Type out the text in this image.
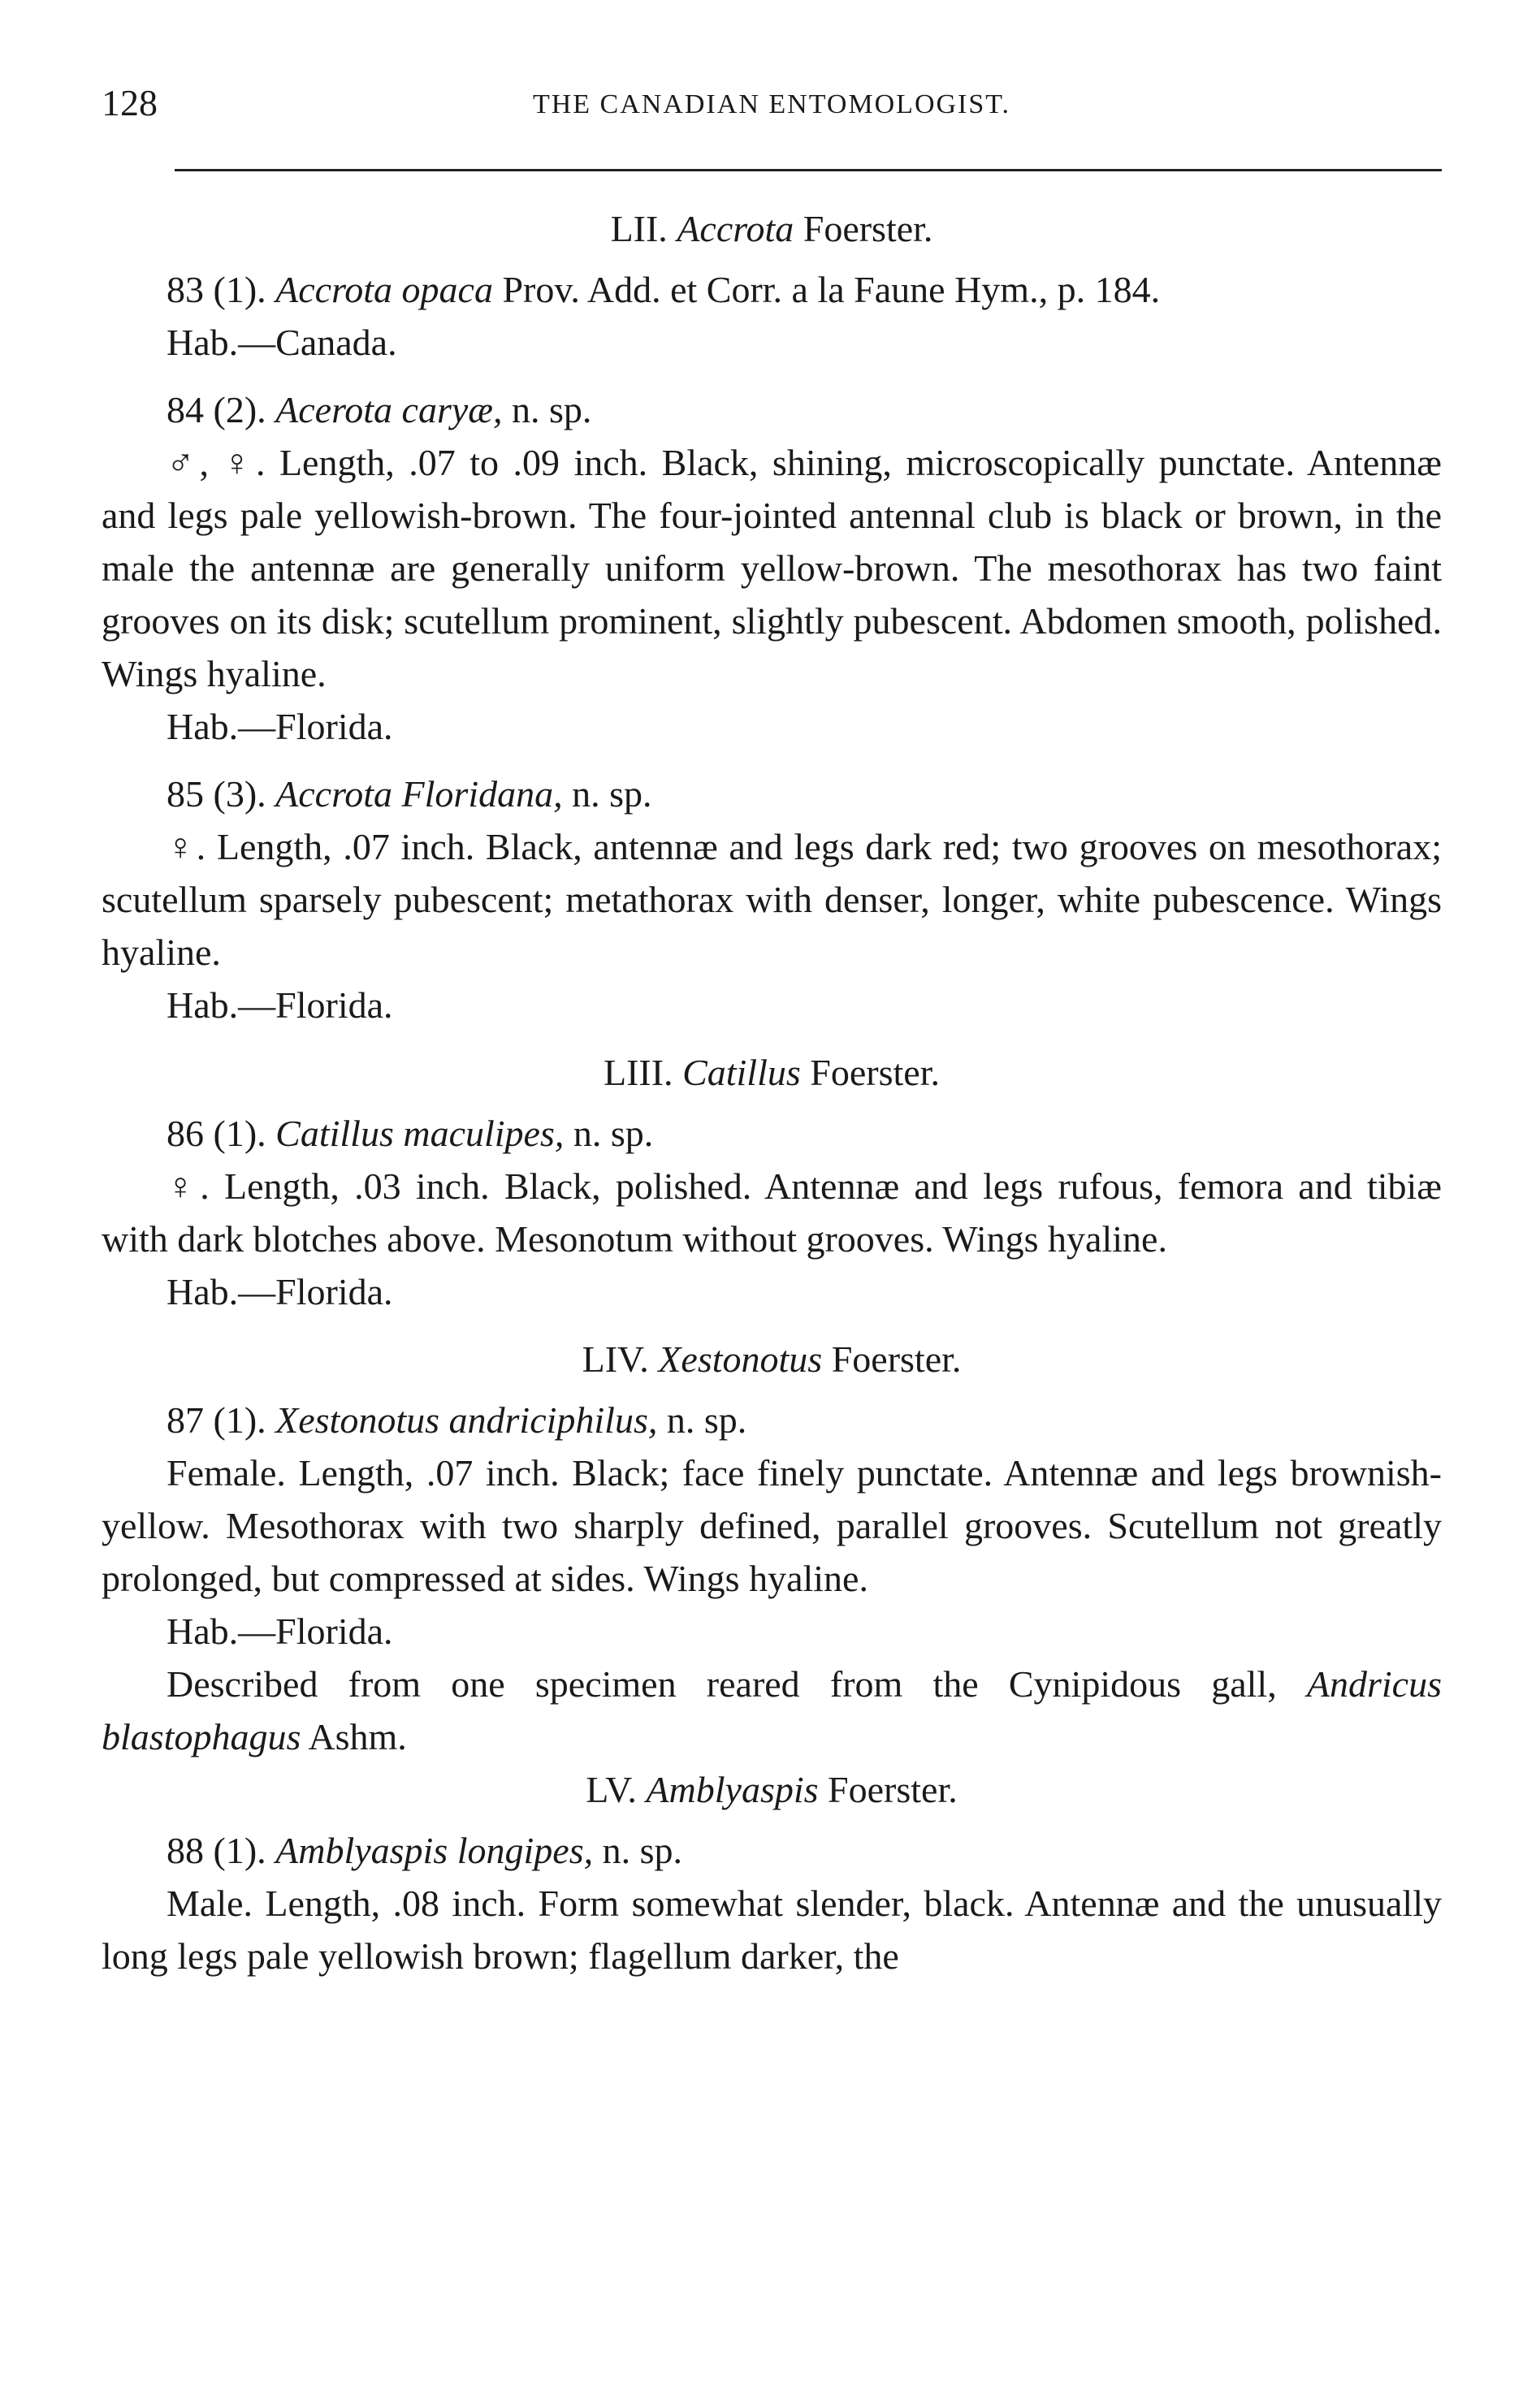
128	THE CANADIAN ENTOMOLOGIST.

LII. Accrota Foerster.

83 (1). Accrota opaca Prov. Add. et Corr. a la Faune Hym., p. 184.

Hab.—Canada.

84 (2). Acerota caryæ, n. sp.

♂, ♀. Length, .07 to .09 inch. Black, shining, microscopically punctate. Antennæ and legs pale yellowish-brown. The four-jointed antennal club is black or brown, in the male the antennæ are generally uniform yellow-brown. The mesothorax has two faint grooves on its disk; scutellum prominent, slightly pubescent. Abdomen smooth, polished. Wings hyaline.

Hab.—Florida.

85 (3). Accrota Floridana, n. sp.

♀. Length, .07 inch. Black, antennæ and legs dark red; two grooves on mesothorax; scutellum sparsely pubescent; metathorax with denser, longer, white pubescence. Wings hyaline.

Hab.—Florida.

LIII. Catillus Foerster.

86 (1). Catillus maculipes, n. sp.

♀. Length, .03 inch. Black, polished. Antennæ and legs rufous, femora and tibiæ with dark blotches above. Mesonotum without grooves. Wings hyaline.

Hab.—Florida.

LIV. Xestonotus Foerster.

87 (1). Xestonotus andriciphilus, n. sp.

Female. Length, .07 inch. Black; face finely punctate. Antennæ and legs brownish-yellow. Mesothorax with two sharply defined, parallel grooves. Scutellum not greatly prolonged, but compressed at sides. Wings hyaline.

Hab.—Florida.

Described from one specimen reared from the Cynipidous gall, Andricus blastophagus Ashm.

LV. Amblyaspis Foerster.

88 (1). Amblyaspis longipes, n. sp.

Male. Length, .08 inch. Form somewhat slender, black. Antennæ and the unusually long legs pale yellowish brown; flagellum darker, the
